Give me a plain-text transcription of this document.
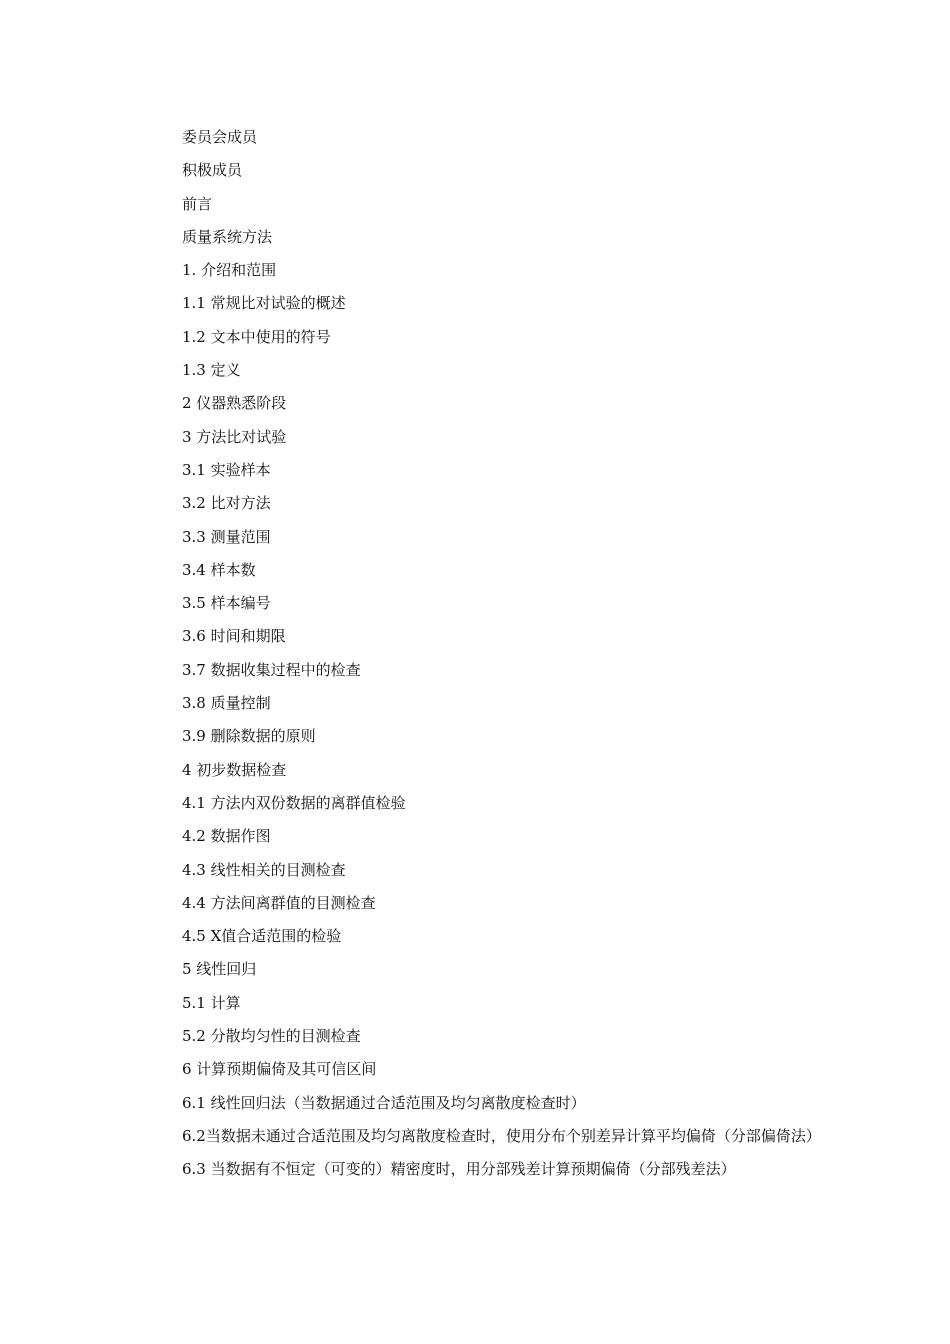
委员会成员
积极成员
前言
质量系统方法
1. 介绍和范围
1.1 常规比对试验的概述
1.2 文本中使用的符号
1.3 定义
2 仪器熟悉阶段
3 方法比对试验
3.1 实验样本
3.2 比对方法
3.3 测量范围
3.4 样本数
3.5 样本编号
3.6 时间和期限
3.7 数据收集过程中的检查
3.8 质量控制
3.9 删除数据的原则
4 初步数据检查
4.1 方法内双份数据的离群值检验
4.2 数据作图
4.3 线性相关的目测检查
4.4 方法间离群值的目测检查
4.5 X值合适范围的检验
5 线性回归
5.1 计算
5.2 分散均匀性的目测检查
6 计算预期偏倚及其可信区间
6.1 线性回归法（当数据通过合适范围及均匀离散度检查时）
6.2当数据未通过合适范围及均匀离散度检查时，使用分布个别差异计算平均偏倚（分部偏倚法）
6.3 当数据有不恒定（可变的）精密度时，用分部残差计算预期偏倚（分部残差法）
